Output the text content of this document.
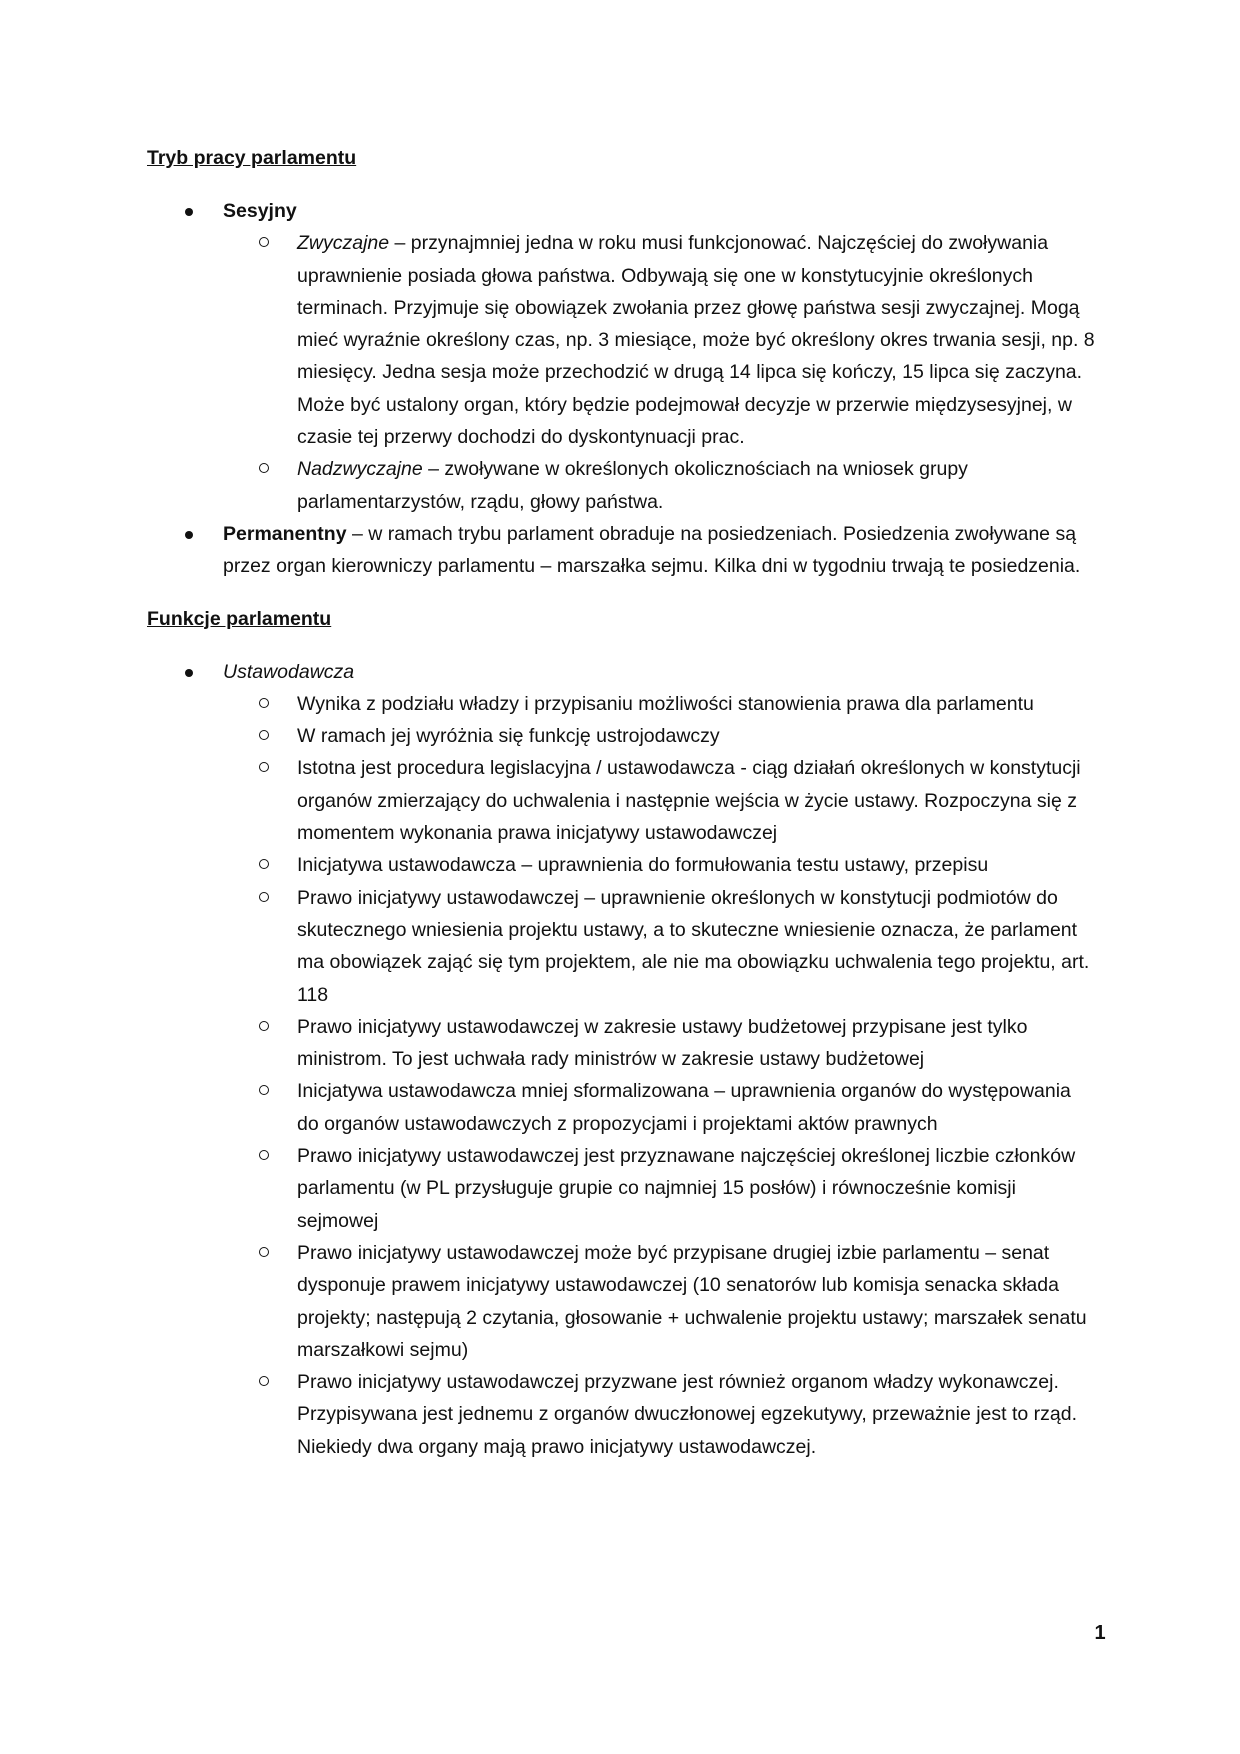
Tryb pracy parlamentu
Sesyjny
Zwyczajne – przynajmniej jedna w roku musi funkcjonować. Najczęściej do zwoływania uprawnienie posiada głowa państwa. Odbywają się one w konstytucyjnie określonych terminach. Przyjmuje się obowiązek zwołania przez głowę państwa sesji zwyczajnej. Mogą mieć wyraźnie określony czas, np. 3 miesiące, może być określony okres trwania sesji, np. 8 miesięcy. Jedna sesja może przechodzić w drugą 14 lipca się kończy, 15 lipca się zaczyna. Może być ustalony organ, który będzie podejmował decyzje w przerwie międzysesyjnej, w czasie tej przerwy dochodzi do dyskontynuacji prac.
Nadzwyczajne – zwoływane w określonych okolicznościach na wniosek grupy parlamentarzystów, rządu, głowy państwa.
Permanentny – w ramach trybu parlament obraduje na posiedzeniach. Posiedzenia zwoływane są przez organ kierowniczy parlamentu – marszałka sejmu. Kilka dni w tygodniu trwają te posiedzenia.
Funkcje parlamentu
Ustawodawcza
Wynika z podziału władzy i przypisaniu możliwości stanowienia prawa dla parlamentu
W ramach jej wyróżnia się funkcję ustrojodawczy
Istotna jest procedura legislacyjna / ustawodawcza - ciąg działań określonych w konstytucji organów zmierzający do uchwalenia i następnie wejścia w życie ustawy. Rozpoczyna się z momentem wykonania prawa inicjatywy ustawodawczej
Inicjatywa ustawodawcza – uprawnienia do formułowania testu ustawy, przepisu
Prawo inicjatywy ustawodawczej – uprawnienie określonych w konstytucji podmiotów do skutecznego wniesienia projektu ustawy, a to skuteczne wniesienie oznacza, że parlament ma obowiązek zająć się tym projektem, ale nie ma obowiązku uchwalenia tego projektu, art. 118
Prawo inicjatywy ustawodawczej w zakresie ustawy budżetowej przypisane jest tylko ministrom. To jest uchwała rady ministrów w zakresie ustawy budżetowej
Inicjatywa ustawodawcza mniej sformalizowana – uprawnienia organów do występowania do organów ustawodawczych z propozycjami i projektami aktów prawnych
Prawo inicjatywy ustawodawczej jest przyznawane najczęściej określonej liczbie członków parlamentu (w PL przysługuje grupie co najmniej 15 posłów) i równocześnie komisji sejmowej
Prawo inicjatywy ustawodawczej może być przypisane drugiej izbie parlamentu – senat dysponuje prawem inicjatywy ustawodawczej (10 senatorów lub komisja senacka składa projekty; następują 2 czytania, głosowanie + uchwalenie projektu ustawy; marszałek senatu marszałkowi sejmu)
Prawo inicjatywy ustawodawczej przyzwane jest również organom władzy wykonawczej. Przypisywana jest jednemu z organów dwuczłonowej egzekutywy, przeważnie jest to rząd. Niekiedy dwa organy mają prawo inicjatywy ustawodawczej.
1
